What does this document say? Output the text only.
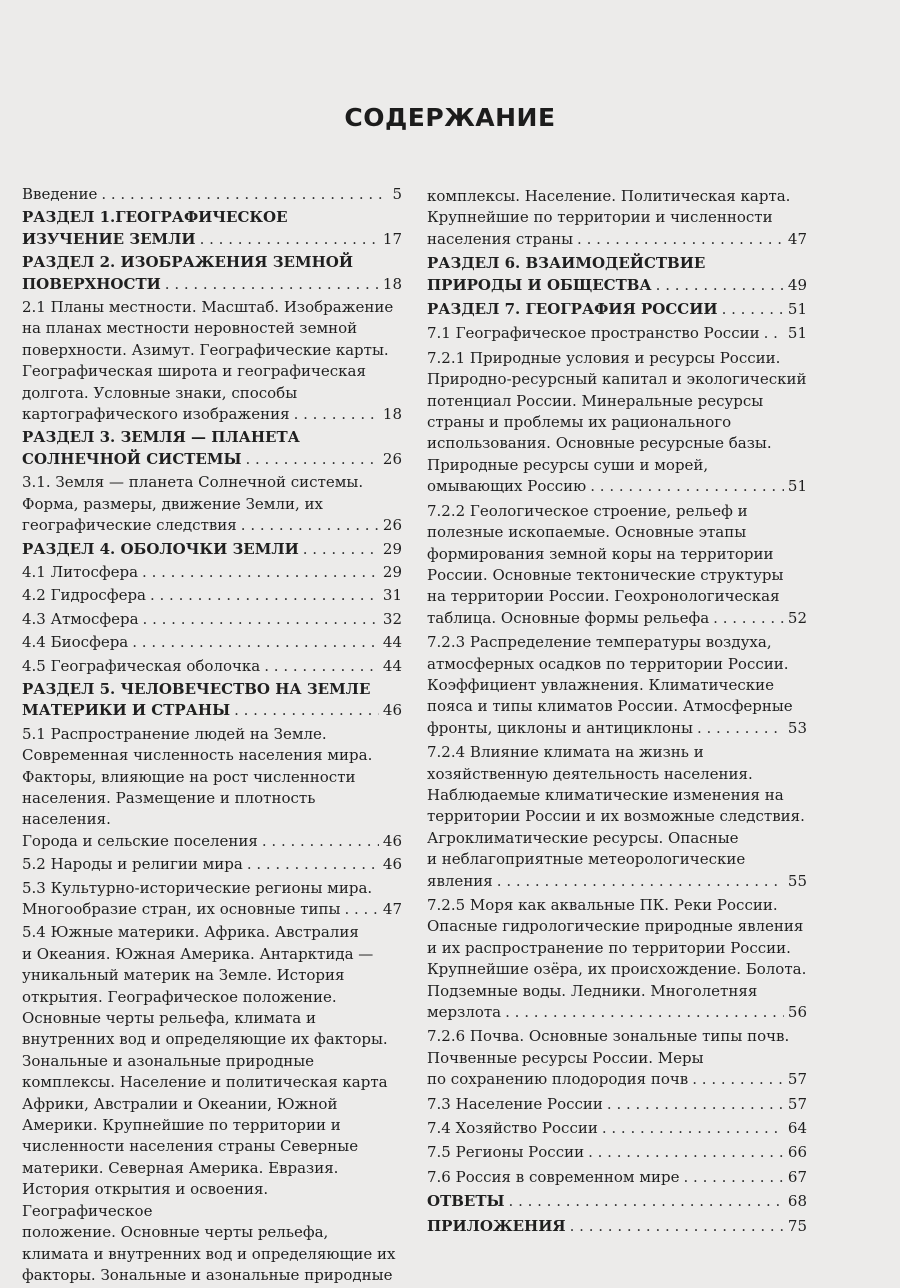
СОДЕРЖАНИЕ
Введение . . .	5
РАЗДЕЛ 1.ГЕОГРАФИЧЕСКОЕ
ИЗУЧЕНИЕ ЗЕМЛИ . . .	17
РАЗДЕЛ 2. ИЗОБРАЖЕНИЯ ЗЕМНОЙ
ПОВЕРХНОСТИ . . .	18
2.1 Планы местности. Масштаб. Изображение
на планах местности неровностей земной
поверхности. Азимут. Географические карты.
Географическая широта и географическая
долгота. Условные знаки, способы
картографического изображения . . .	18
РАЗДЕЛ 3. ЗЕМЛЯ — ПЛАНЕТА
СОЛНЕЧНОЙ СИСТЕМЫ . . .	26
3.1. Земля — планета Солнечной системы.
Форма, размеры, движение Земли, их
географические следствия . . .	26
РАЗДЕЛ 4. ОБОЛОЧКИ ЗЕМЛИ . . .	29
4.1 Литосфера . . .	29
4.2 Гидросфера . . .	31
4.3 Атмосфера . . .	32
4.4 Биосфера . . .	44
4.5 Географическая оболочка . . .	44
РАЗДЕЛ 5. ЧЕЛОВЕЧЕСТВО НА ЗЕМЛЕ
МАТЕРИКИ И СТРАНЫ . . .	46
5.1 Распространение людей на Земле.
Современная численность населения мира.
Факторы, влияющие на рост численности
населения. Размещение и плотность населения.
Города и сельские поселения . . .	46
5.2 Народы и религии мира . . .	46
5.3 Культурно-исторические регионы мира.
Многообразие стран, их основные типы . . .	47
5.4 Южные материки. Африка. Австралия
и Океания. Южная Америка. Антарктида —
уникальный материк на Земле. История
открытия. Географическое положение.
Основные черты рельефа, климата и
внутренних вод и определяющие их факторы.
Зональные и азональные природные
комплексы. Население и политическая карта
Африки, Австралии и Океании, Южной
Америки. Крупнейшие по территории и
численности населения страны Северные
материки. Северная Америка. Евразия.
История открытия и освоения. Географическое
положение. Основные черты рельефа,
климата и внутренних вод и определяющие их
факторы. Зональные и азональные природные
комплексы. Население. Политическая карта.
Крупнейшие по территории и численности
населения страны . . .	47
РАЗДЕЛ 6. ВЗАИМОДЕЙСТВИЕ
ПРИРОДЫ И ОБЩЕСТВА . . .	49
РАЗДЕЛ 7. ГЕОГРАФИЯ РОССИИ . . .	51
7.1 Географическое пространство России . . . 51
7.2.1 Природные условия и ресурсы России.
Природно-ресурсный капитал и экологический
потенциал России. Минеральные ресурсы
страны и проблемы их рационального
использования. Основные ресурсные базы.
Природные ресурсы суши и морей,
омывающих Россию . . .	51
7.2.2 Геологическое строение, рельеф и
полезные ископаемые. Основные этапы
формирования земной коры на территории
России. Основные тектонические структуры
на территории России. Геохронологическая
таблица. Основные формы рельефа . . .	52
7.2.3 Распределение температуры воздуха,
атмосферных осадков по территории России.
Коэффициент увлажнения. Климатические
пояса и типы климатов России. Атмосферные
фронты, циклоны и антициклоны . . .	53
7.2.4 Влияние климата на жизнь и
хозяйственную деятельность населения.
Наблюдаемые климатические изменения на
территории России и их возможные следствия.
Агроклиматические ресурсы. Опасные
и неблагоприятные метеорологические
явления . . .	55
7.2.5 Моря как аквальные ПК. Реки России.
Опасные гидрологические природные явления
и их распространение по территории России.
Крупнейшие озёра, их происхождение. Болота.
Подземные воды. Ледники. Многолетняя
мерзлота . . .	56
7.2.6 Почва. Основные зональные типы почв.
Почвенные ресурсы России. Меры
по сохранению плодородия почв . . .	57
7.3 Население России . . .	57
7.4 Хозяйство России . . .	64
7.5 Регионы России . . .	66
7.6 Россия в современном мире . . .	67
ОТВЕТЫ . . .	68
ПРИЛОЖЕНИЯ . . .	75
